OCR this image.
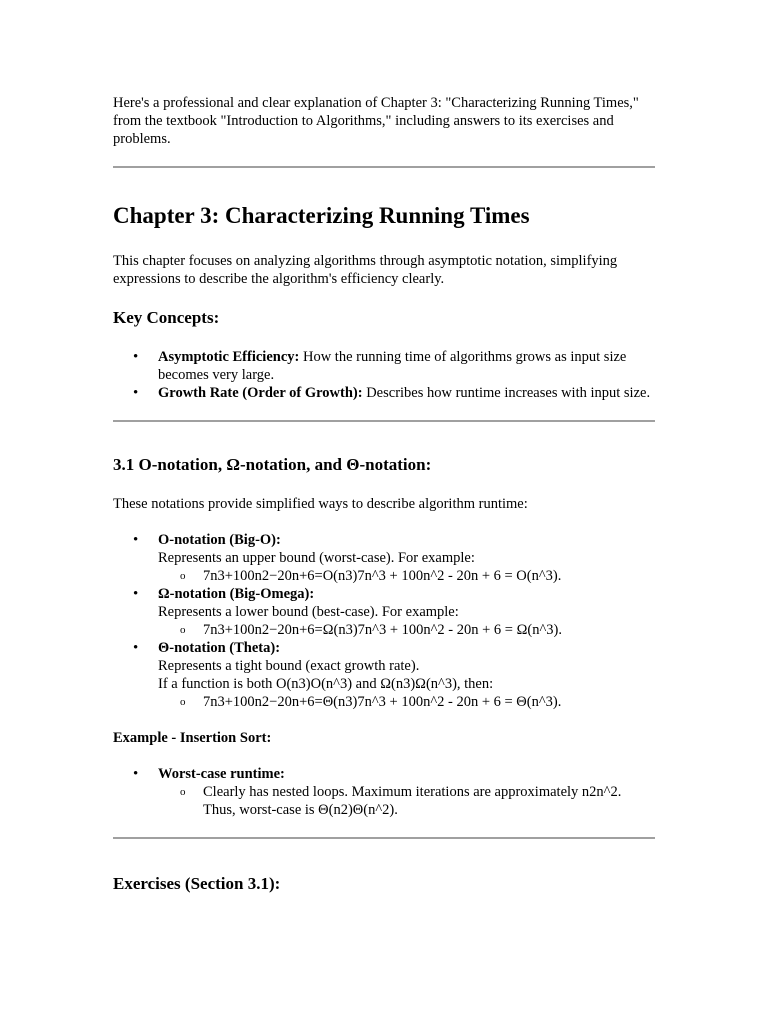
Here's a professional and clear explanation of Chapter 3: "Characterizing Running Times," from the textbook "Introduction to Algorithms," including answers to its exercises and problems.

Chapter 3: Characterizing Running Times

This chapter focuses on analyzing algorithms through asymptotic notation, simplifying expressions to describe the algorithm's efficiency clearly.

Key Concepts:
• Asymptotic Efficiency: How the running time of algorithms grows as input size becomes very large.
• Growth Rate (Order of Growth): Describes how runtime increases with input size.
3.1 O-notation, Ω-notation, and Θ-notation:

These notations provide simplified ways to describe algorithm runtime:

• O-notation (Big-O):
Represents an upper bound (worst-case). For example:
o 7n3+100n2−20n+6=O(n3)7n^3 + 100n^2 - 20n + 6 = O(n^3).
• Ω-notation (Big-Omega):
Represents a lower bound (best-case). For example:
o 7n3+100n2−20n+6=Ω(n3)7n^3 + 100n^2 - 20n + 6 = Ω(n^3).
• Θ-notation (Theta):
Represents a tight bound (exact growth rate).
If a function is both O(n3)O(n^3) and Ω(n3)Ω(n^3), then:
o 7n3+100n2−20n+6=Θ(n3)7n^3 + 100n^2 - 20n + 6 = Θ(n^3).

Example - Insertion Sort:

• Worst-case runtime:
o Clearly has nested loops. Maximum iterations are approximately n2n^2. Thus, worst-case is Θ(n2)Θ(n^2).
Exercises (Section 3.1):
